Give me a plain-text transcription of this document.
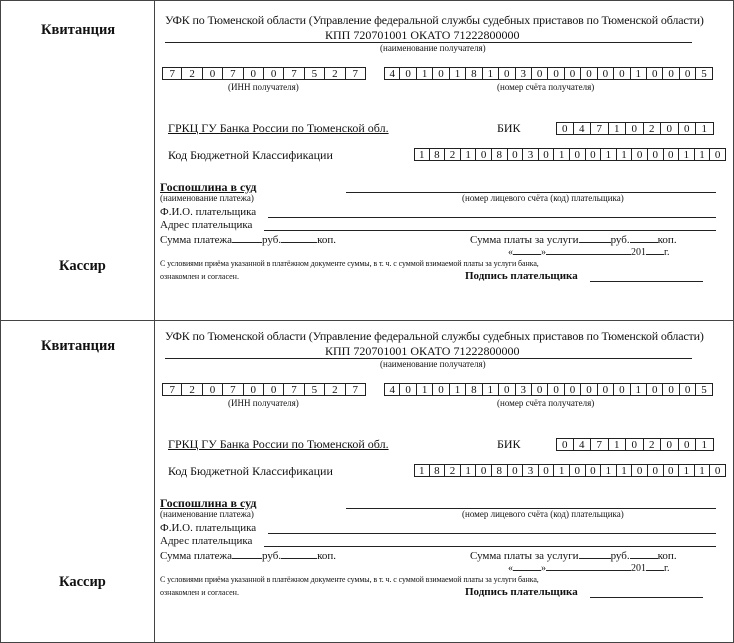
Квитанция
Кассир
УФК по Тюменской области (Управление федеральной службы судебных приставов по Тюменской области)
КПП 720701001 ОКАТО 71222800000
(наименование получателя)
7	2	0	7	0	0	7	5	2	7
(ИНН получателя)
4 0 1 0 1 8 1 0 3 0 0 0 0 0 0 1 0 0 0 5
(номер счёта получателя)
ГРКЦ ГУ Банка России по Тюменской обл.	БИК	0	4	7	1	0	2	0	0	1
Код Бюджетной Классификации	1 8 2 1 0 8 0 3 0 1 0 0 1 1 0 0 0 1 1 0
Госпошлина в суд
(наименование платежа)	(номер лицевого счёта (код) плательщика)
Ф.И.О. плательщика
Адрес плательщика
Сумма платежа	руб.	коп.	Сумма платы за услуги	руб.	коп.
«	»	201 г.
С условиями приёма указанной в платёжном документе суммы, в т. ч. с суммой взимаемой платы за услуги банка,
ознакомлен и согласен.	Подпись плательщика
Квитанция
Кассир
УФК по Тюменской области (Управление федеральной службы судебных приставов по Тюменской области)
КПП 720701001 ОКАТО 71222800000
(наименование получателя)
7	2	0	7	0	0	7	5	2	7
(ИНН получателя)
4 0 1 0 1 8 1 0 3 0 0 0 0 0 0 1 0 0 0 5
(номер счёта получателя)
ГРКЦ ГУ Банка России по Тюменской обл.	БИК	0	4	7	1	0	2	0	0	1
Код Бюджетной Классификации	1 8 2 1 0 8 0 3 0 1 0 0 1 1 0 0 0 1 1 0
Госпошлина в суд
(наименование платежа)	(номер лицевого счёта (код) плательщика)
Ф.И.О. плательщика
Адрес плательщика
Сумма платежа	руб.	коп.	Сумма платы за услуги	руб.	коп.
«	»	201 г.
С условиями приёма указанной в платёжном документе суммы, в т. ч. с суммой взимаемой платы за услуги банка,
ознакомлен и согласен.	Подпись плательщика
